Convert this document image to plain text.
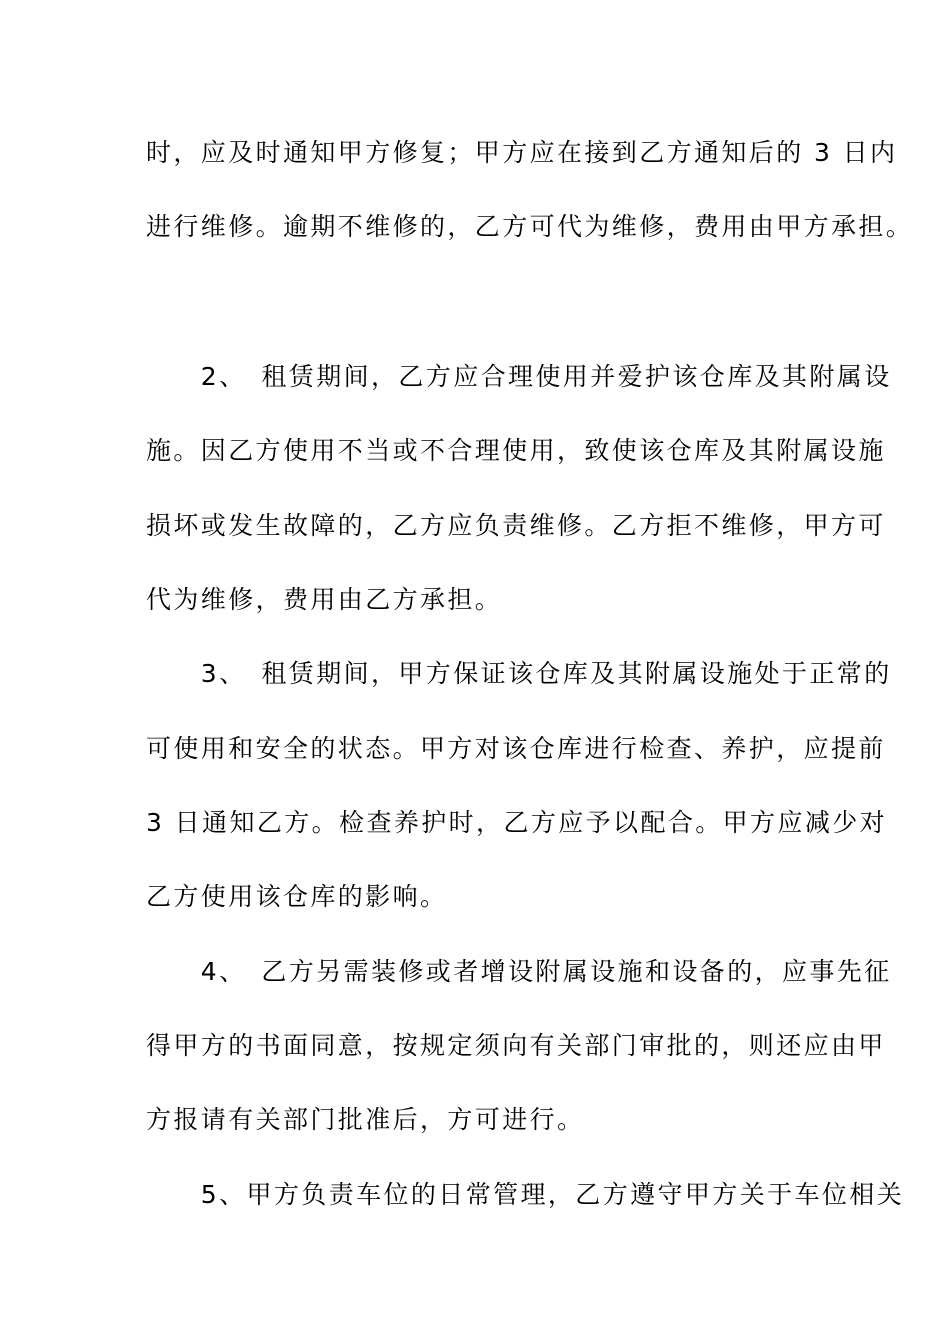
时，应及时通知甲方修复；甲方应在接到乙方通知后的 3 日内
进行维修。逾期不维修的，乙方可代为维修，费用由甲方承担。
　　2、　租赁期间，乙方应合理使用并爱护该仓库及其附属设
施。因乙方使用不当或不合理使用，致使该仓库及其附属设施
损坏或发生故障的，乙方应负责维修。乙方拒不维修，甲方可
代为维修，费用由乙方承担。
　　3、　租赁期间，甲方保证该仓库及其附属设施处于正常的
可使用和安全的状态。甲方对该仓库进行检查、养护，应提前
3 日通知乙方。检查养护时，乙方应予以配合。甲方应减少对
乙方使用该仓库的影响。
　　4、　乙方另需装修或者增设附属设施和设备的，应事先征
得甲方的书面同意，按规定须向有关部门审批的，则还应由甲
方报请有关部门批准后，方可进行。
　　5、甲方负责车位的日常管理，乙方遵守甲方关于车位相关
